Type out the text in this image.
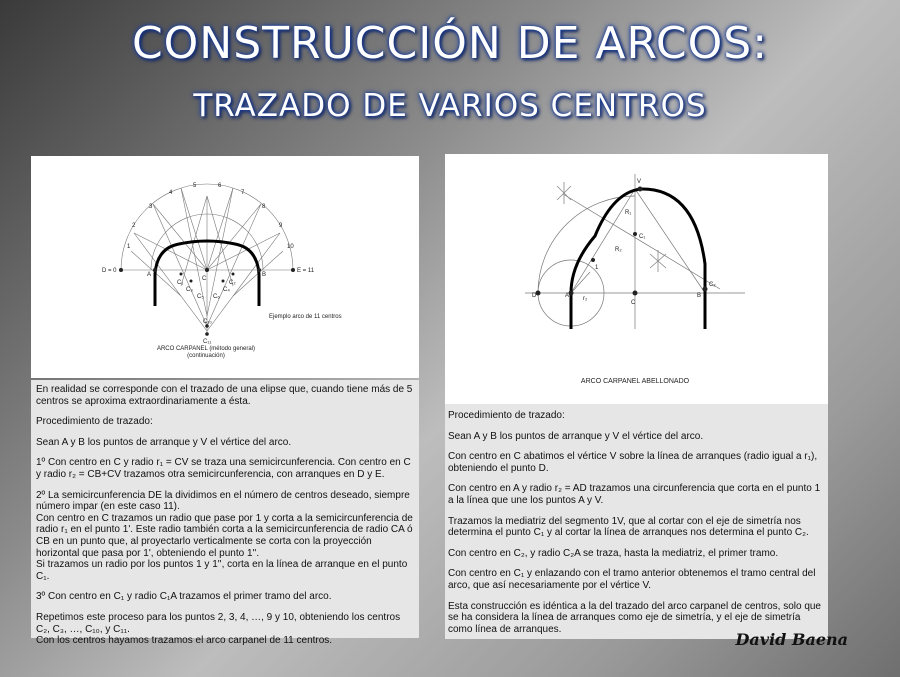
CONSTRUCCIÓN DE ARCOS:
TRAZADO DE VARIOS CENTROS
D = 0	E = 11
A	B
C
1
2
3
4
5	6
7
8
9
10
C₁	C₂
C₃	C₄
C₅ C₆
C₁₀
C₁₁
Ejemplo arco de 11 centros
ARCO CARPANEL (método general)
(continuación)

En realidad se corresponde con el trazado de una elipse que, cuando tiene más de 5 centros se aproxima extraordinariamente a ésta.

Procedimiento de trazado:

Sean A y B los puntos de arranque y V el vértice del arco.

1º Con centro en C y radio r₁ = CV se traza una semicircunferencia. Con centro en C y radio r₂ = CB+CV trazamos otra semicircunferencia, con arranques en D y E.

2º La semicircunferencia DE la dividimos en el número de centros deseado, siempre número impar (en este caso 11).

Con centro en C trazamos un radio que pase por 1 y corta a la semicircunferencia de radio r₁ en el punto 1'. Este radio también corta a la semicircunferencia de radio CA ó CB en un punto que, al proyectarlo verticalmente se corta con la proyección horizontal que pasa por 1', obteniendo el punto 1''.

Si trazamos un radio por los puntos 1 y 1'', corta en la línea de arranque en el punto C₁.

3º Con centro en C₁ y radio C₁A trazamos el primer tramo del arco.

Repetimos este proceso para los puntos 2, 3, 4, …, 9 y 10, obteniendo los centros C₂, C₃, …, C₁₀, y C₁₁.

Con los centros hayamos trazamos el arco carpanel de 11 centros.

V
D	A
C
B
C₁
C₂
R₁
R₂
r₂
1
ARCO CARPANEL ABELLONADO

Procedimiento de trazado:

Sean A y B los puntos de arranque y V el vértice del arco.

Con centro en C abatimos el vértice V sobre la línea de arranques (radio igual a r₁), obteniendo el punto D.

Con centro en A y radio r₂ = AD trazamos una circunferencia que corta en el punto 1 a la línea que une los puntos A y V.

Trazamos la mediatriz del segmento 1V, que al cortar con el eje de simetría nos determina el punto C₁ y al cortar la línea de arranques nos determina el punto C₂.

Con centro en C₂, y radio C₂A se traza, hasta la mediatriz, el primer tramo.

Con centro en C₁ y enlazando con el tramo anterior obtenemos el tramo central del arco, que así necesariamente por el vértice V.

Esta construcción es idéntica a la del trazado del arco carpanel de centros, solo que se ha considera la línea de arranques como eje de simetría, y el eje de simetría como línea de arranques.

David Baena
